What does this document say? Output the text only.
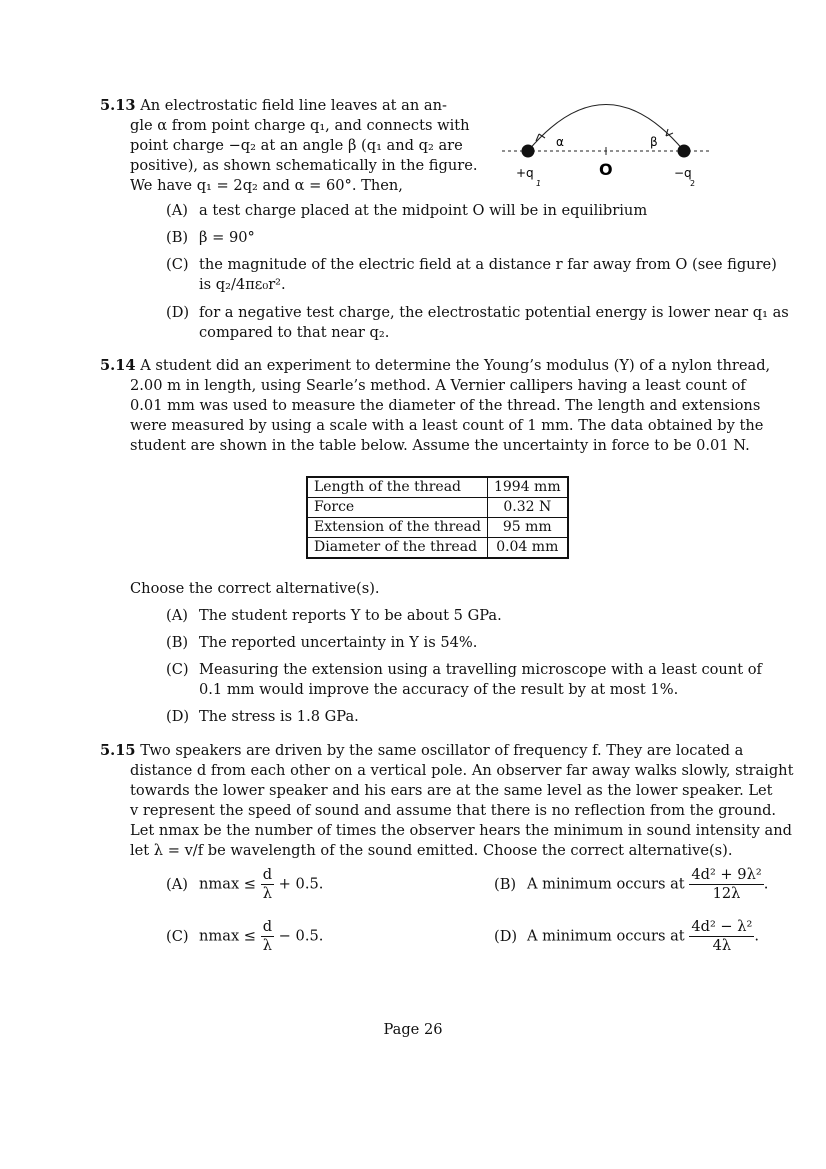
5.13 An electrostatic field line leaves at an an-
gle α from point charge q₁, and connects with
point charge −q₂ at an angle β (q₁ and q₂ are
positive), as shown schematically in the figure.
We have q₁ = 2q₂ and α = 60°. Then,
α	β
O
+q
1
−q
2
(A) a test charge placed at the midpoint O will be in equilibrium
(B) β = 90°
(C) the magnitude of the electric field at a distance r far away from O (see figure)
is q₂/4πε₀r².
(D) for a negative test charge, the electrostatic potential energy is lower near q₁ as
compared to that near q₂.
5.14 A student did an experiment to determine the Young’s modulus (Y) of a nylon thread,
2.00 m in length, using Searle’s method. A Vernier callipers having a least count of
0.01 mm was used to measure the diameter of the thread. The length and extensions
were measured by using a scale with a least count of 1 mm. The data obtained by the
student are shown in the table below. Assume the uncertainty in force to be 0.01 N.
Length of the thread	1994 mm
Force	0.32 N
Extension of the thread	95 mm
Diameter of the thread	0.04 mm
Choose the correct alternative(s).
(A) The student reports Y to be about 5 GPa.
(B) The reported uncertainty in Y is 54%.
(C) Measuring the extension using a travelling microscope with a least count of
0.1 mm would improve the accuracy of the result by at most 1%.
(D) The stress is 1.8 GPa.
5.15 Two speakers are driven by the same oscillator of frequency f. They are located a
distance d from each other on a vertical pole. An observer far away walks slowly, straight
towards the lower speaker and his ears are at the same level as the lower speaker. Let
v represent the speed of sound and assume that there is no reflection from the ground.
Let nmax be the number of times the observer hears the minimum in sound intensity and
let λ = v/f be wavelength of the sound emitted. Choose the correct alternative(s).
(A) $nmax \le \frac{d}{\lambda} + 0.5$.	(B) A minimum occurs at $\frac{\text{4d² + 9λ²}}{12\lambda}$ .
(C) $nmax \le \frac{d}{\lambda} - 0.5$.	(D) A minimum occurs at $\frac{\text{4d² − λ²}}{4\lambda}$ .
Page 26
